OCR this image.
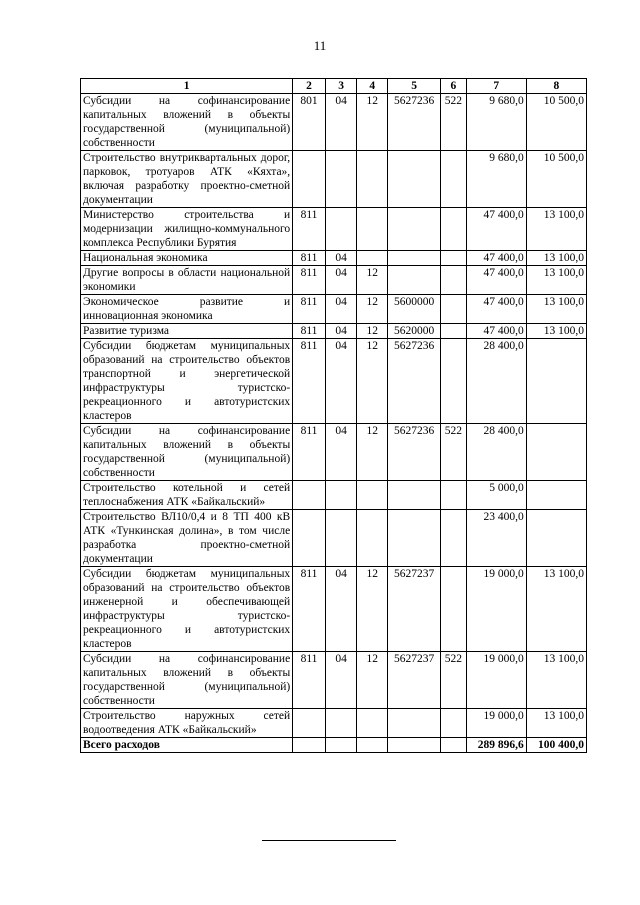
11
1	2	3	4	5	6	7	8
Субсидии на софинансирование капитальных вложений в объекты государственной (муниципальной) собственности	801	04	12	5627236	522	9 680,0	10 500,0
Строительство внутриквартальных дорог, парковок, тротуаров АТК «Кяхта», включая разработку проектно-сметной документации						9 680,0	10 500,0
Министерство строительства и модернизации жилищно-коммунального комплекса Республики Бурятия	811					47 400,0	13 100,0
Национальная экономика	811	04				47 400,0	13 100,0
Другие вопросы в области национальной экономики	811	04	12			47 400,0	13 100,0
Экономическое развитие и инновационная экономика	811	04	12	5600000		47 400,0	13 100,0
Развитие туризма	811	04	12	5620000		47 400,0	13 100,0
Субсидии бюджетам муниципальных образований на строительство объектов транспортной и энергетической инфраструктуры туристско-рекреационного и автотуристских кластеров	811	04	12	5627236		28 400,0	
Субсидии на софинансирование капитальных вложений в объекты государственной (муниципальной) собственности	811	04	12	5627236	522	28 400,0	
Строительство котельной и сетей теплоснабжения АТК «Байкальский»						5 000,0	
Строительство ВЛ10/0,4 и 8 ТП 400 кВ АТК «Тункинская долина», в том числе разработка проектно-сметной документации						23 400,0	
Субсидии бюджетам муниципальных образований на строительство объектов инженерной и обеспечивающей инфраструктуры туристско-рекреационного и автотуристских кластеров	811	04	12	5627237		19 000,0	13 100,0
Субсидии на софинансирование капитальных вложений в объекты государственной (муниципальной) собственности	811	04	12	5627237	522	19 000,0	13 100,0
Строительство наружных сетей водоотведения АТК «Байкальский»						19 000,0	13 100,0
Всего расходов						289 896,6	100 400,0
